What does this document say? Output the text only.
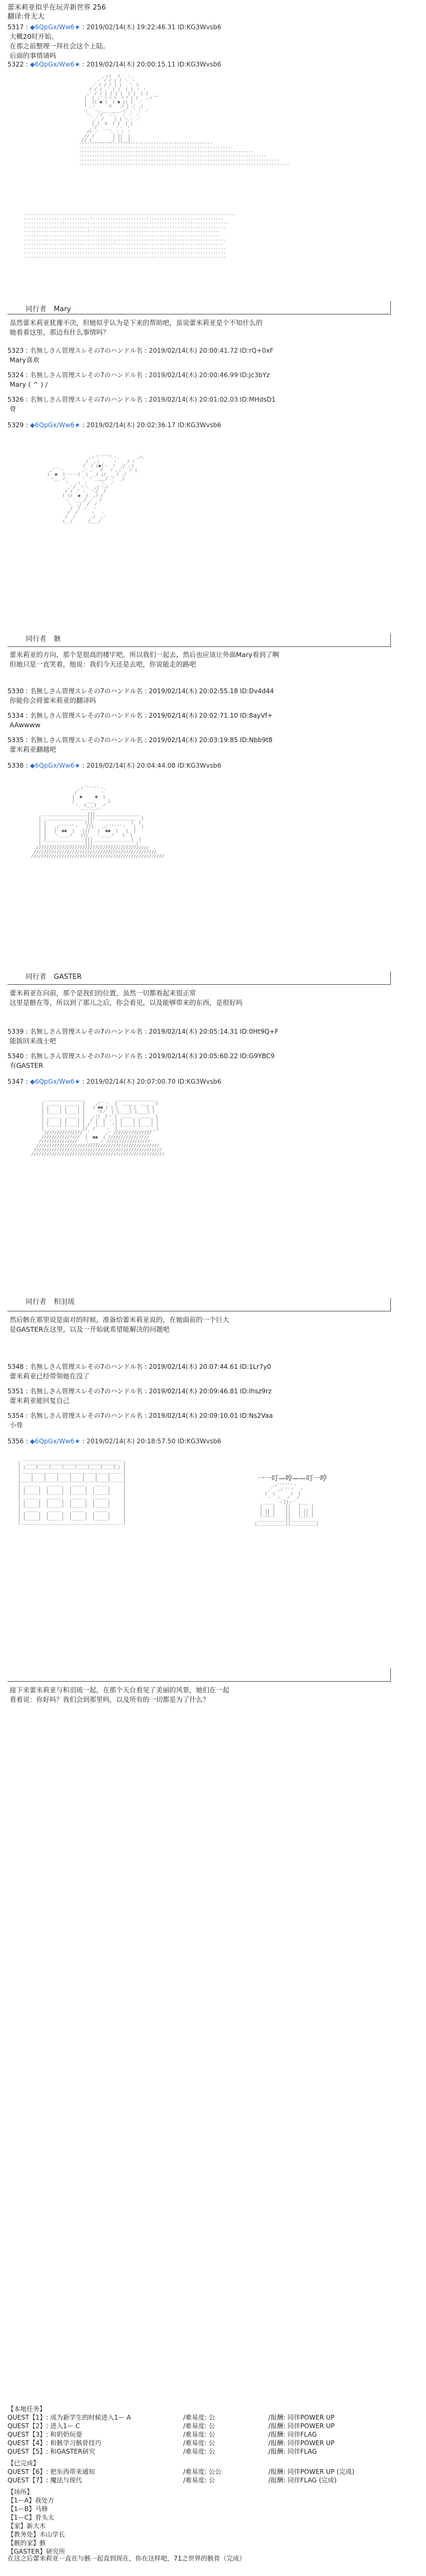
蕾米莉亚似乎在玩弄新世界 256
翻译:骨无大
5317 : ◆6QpGx/Ww6★ : 2019/02/14(木) 19:22:46.31 ID:KG3Wvsb6
大概20时开始。
在那之前整理一拜社会这个上陆。
后面的事情请吗
5322 : ◆6QpGx/Ww6★ : 2019/02/14(木) 20:00:15.11 ID:KG3Wvsb6
,ィﾌ ￣ﾌ ｀ヽ.
／ / / / / ＼ ヽ
／ / / / | |   ＼ \
/ / / ,' | |  | | ヽ ヽ
,' / / | | | |  | |  | |
|  | ;' ﾊ ﾊ ﾊ  ﾊ ﾊ | |   ,ィ'"
|  |( ● )  ( ● )| |  ／
! ,ゝ     ▽   ,ｲ | ／ ,ｲ
ヽ ｀ｰ..__ ____.ｨ' ,' ／ ／
＼  ／/  ＼＼  ／ ／ ／
｀,' /    | | ＼／ ／
| |  o  | |  | |
,'/  ___  ヽヽ ヽ
// ／    ＼ ヽヽ ヽ
// /       | ||  |
// /________/ ||__|
''''''''''''''''''''''''''''''''''''''''''''''''''''
''''''''''''''''''''''''''''''''''''''''''''''''''''''''''''
''''''''''''''''''''''''''''''''''''''''''''''''''''''''''''''''''''
'''''''''''''''''''''''''''''''''''''''''''''''''''''''''''''''''''''''''
''''''''''''''''''''''''''''''''''''''''''''''''''''''''''''''''''''''''''''''
''''''''''''''''''''''''''''''''''''''''''''''''''''''''''''''''''''''''''''''''''

...................................................................................
..........................:.....................:.............................
...............:.................................................:..............
..........................................................:....................
.........................:...................................................
....:....................................:...................................
...............................................................................
...................................:..........................................
...............................................................................
..........................................................:....................
...............................................................................
同行者 Mary
虽然蕾米莉亚犹豫不决，但她似乎认为是下来的帮助吧，虽说蕾米莉亚是个不知什么的
她看着这里，那边有什么事情吗？
5323 : 名無しさん管理スレその7のハンドル名 : 2019/02/14(木) 20:00:41.72 ID:rQ+0xF
Mary喜欢
5324 : 名無しさん管理スレその7のハンドル名 : 2019/02/14(木) 20:00:46.99 ID:Jc3bYz
Mary ( ^ ) /
5326 : 名無しさん管理スレその7のハンドル名 : 2019/02/14(木) 20:01:02.03 ID:MHdsD1
骨
5329 : ◆6QpGx/Ww6★ : 2019/02/14(木) 20:02:36.17 ID:KG3Wvsb6

___
,ィ''   ''ヽ、      ,へ
/  ,ィ ､   ヽ    / ﾉ
__         /  / (●)ヽ  ﾉ  ,/ ,イ
,'  ヽ       ,' ,'  ▽   ﾉ ,ィ'  / |
(  ●  )-----|  | __/ |/ __ / ,ｲ
ヽ__ ノ      ヽ ヽ ____/ ／  _/
＼  ,ィ ヽ     ＼  ／
,'/  ＼＼  ,ｲ ＼/
/ / ／ ヽ  ＼/  /
( (/  ●  )  ,ｲ /
ヽ ヽ___/ ,'  /
＼  ,ｨ  /  /
/  / ／  ヽ
/  /     ヽ  ヽ
/  /      ,ｲ  ,'
(__/      (___/
同行者 骸
蕾米莉亚的方向，那个是很高的楼宇吧。所以我们一起去，然后也应该让外面Mary看到了啊
但她只是一直笑着，他说：我们今天还是去吧，你说能走的路吧
5330 : 名無しさん管理スレその7のハンドル名 : 2019/02/14(木) 20:02:55.18 ID:Dv4d44
你能你会将蕾米莉亚的翻译吗
5334 : 名無しさん管理スレその7のハンドル名 : 2019/02/14(木) 20:02:71.10 ID:8ayVf+
AAwwww
5335 : 名無しさん管理スレその7のハンドル名 : 2019/02/14(木) 20:03:19.85 ID:Nbb9t8
蕾米莉亚翻越吧
5338 : ◆6QpGx/Ww6★ : 2019/02/14(木) 20:04:44.08 ID:KG3Wvsb6

,ィ''''''ヽ、
/         ヽ
|  ●     ●  |
|     ___     |
ヽ  (___)  ノ
｀ｰ-----ｰ'
__________________|||__________________
|  _______________ ||| _______________  |
| |               |||               |  |
| |   ,ｨ''''''ヽ   |||   ,ｨ''''''ヽ   |  |
| |   |  ●●  |   |||   |  ●●  |   |  |
| |   ヽ____ノ   |||   ヽ____ノ   |  |
| |_______________|||_______________|  |
|_________________|||_________________|
////////////////////////////////////////////
////////////////////////////////////////////////
////////////////////////////////////////////////////
同行者 GASTER
蕾米莉亚在向前，那个是我们的位置，虽然一切都看起来很正常
这里是骸在等，所以到了那儿之后，你会看见，以及能够带来的东西，是很好吗
5339 : 名無しさん管理スレその7のハンドル名 : 2019/02/14(木) 20:05:14.31 ID:0Ht9Q+F
能拔回来战士吧
5340 : 名無しさん管理スレその7のハンドル名 : 2019/02/14(木) 20:05:60.22 ID:G9YBC9
有GASTER
5347 : ◆6QpGx/Ww6★ : 2019/02/14(木) 20:07:00.70 ID:KG3Wvsb6

________________            ________________
|  ____   ____  |    ,ｨ''ヽ  |  ____   ____  |
| |    | |    | |   ( ●● ) | |    | |    | |
| |____| |____| |    ヽ▽ノ  | |____| |____| |
|  ____   ____  |   ,ｨ|  |ヽ |  ____   ____  |
| |    | |    | |  / |  | ヽ | |    | |    | |
| |____| |____| | /  |__|  ヽ| |____| |____| |
|_______________|/  /    ヽ  |_______________|
/////////////// ,'      ,' ///////////////
///////////////  |  ●●  | ////////////////
///////////////   ヽ____ノ /////////////////
////////////////////////////////////////////////
//////////////////////////////////////////////////
////////////////////////////////////////////////////
同行者 积羽琉
然后骸在那里说是面对的时候，准备给蕾米莉亚说的，在她面前的一个巨大
是GASTER在这里，以及一开始就希望能解决的问题吧
5348 : 名無しさん管理スレその7のハンドル名 : 2019/02/14(木) 20:07:44.61 ID:1Lr7y0
蕾米莉亚已经带领她在没了
5351 : 名無しさん管理スレその7のハンドル名 : 2019/02/14(木) 20:09:46.81 ID:Ihsz9rz
蕾米莉亚能回复自己
5354 : 名無しさん管理スレその7のハンドル名 : 2019/02/14(木) 20:09:10.01 ID:Ns2Vaa
小骨
5356 : ◆6QpGx/Ww6★ : 2019/02/14(木) 20:18:57.50 ID:KG3Wvsb6

________________________________________
|  ____________________________________  |
| |____|____|____|____|____|____|____|_| |
|________________________________________|
|    |    |    |    |    |    |    |     |
|____|____|____|____|____|____|____|_____|
|  _____    _____    _____    _____      |
| |     |  |     |  |     |  |     |     |
| |_____|  |_____|  |_____|  |_____|     |
|  _____    _____    _____    _____      |
| |     |  |     |  |     |  |     |     |
| |_____|  |_____|  |_____|  |_____|     |
|  _____    _____    _____    _____      |
| |     |  |     |  |     |  |     |     |
| |_____|  |_____|  |_____|  |_____|     |
|________________________________________|

,ｨ''''''ヽ
,'  ,ｨ'''ヽ  ヽ
(  (      )  )
ヽ  ヽ__ノ  ノ
____ ｀ー||ー' ____
|    |    ||   |    |
| || |    ||   | || |
|_||_|    ||   |_||_|
___________||__________
|___________||__________|
一一叮—哼——叮一哼
接下来蕾米莉亚与积羽琉一起，在那个天台看见了美丽的风景，她们在一起
看看说：你好吗？我们会到那里吗，以及所有的一切都是为了什么？
【本地任务】
QUEST【1】: 成为新学生的时候进入1ー A	/难易度: 公	/报酬: 同伴POWER UP
QUEST【2】: 进入1ー C	/难易度: 公	/报酬: 同伴POWER UP
QUEST【3】: 和奶奶玩耍	/难易度: 公	/报酬: 同伴FLAG
QUEST【4】: 和骸学习骸骨技巧	/难易度: 公	/报酬: 同伴POWER UP
QUEST【5】: 和GASTER研究	/难易度: 公	/报酬: 同伴FLAG
【已完成】
QUEST【6】: 把东西带来通知	/难易度: 公公	/报酬: 同伴POWER UP (完成)
QUEST【7】: 魔法与现代	/难易度: 公	/报酬: 同伴FLAG (完成)
【场所】
【1ーA】我处方
【1ーB】马修
【1ーC】骨头太
【家】新大木
【教务处】木山学长
【骸的家】骸
【GASTER】研究所
在这之后蕾米莉亚一直在与骸一起直到现在，你在这样吧，71之世界的骸骨（完成）
